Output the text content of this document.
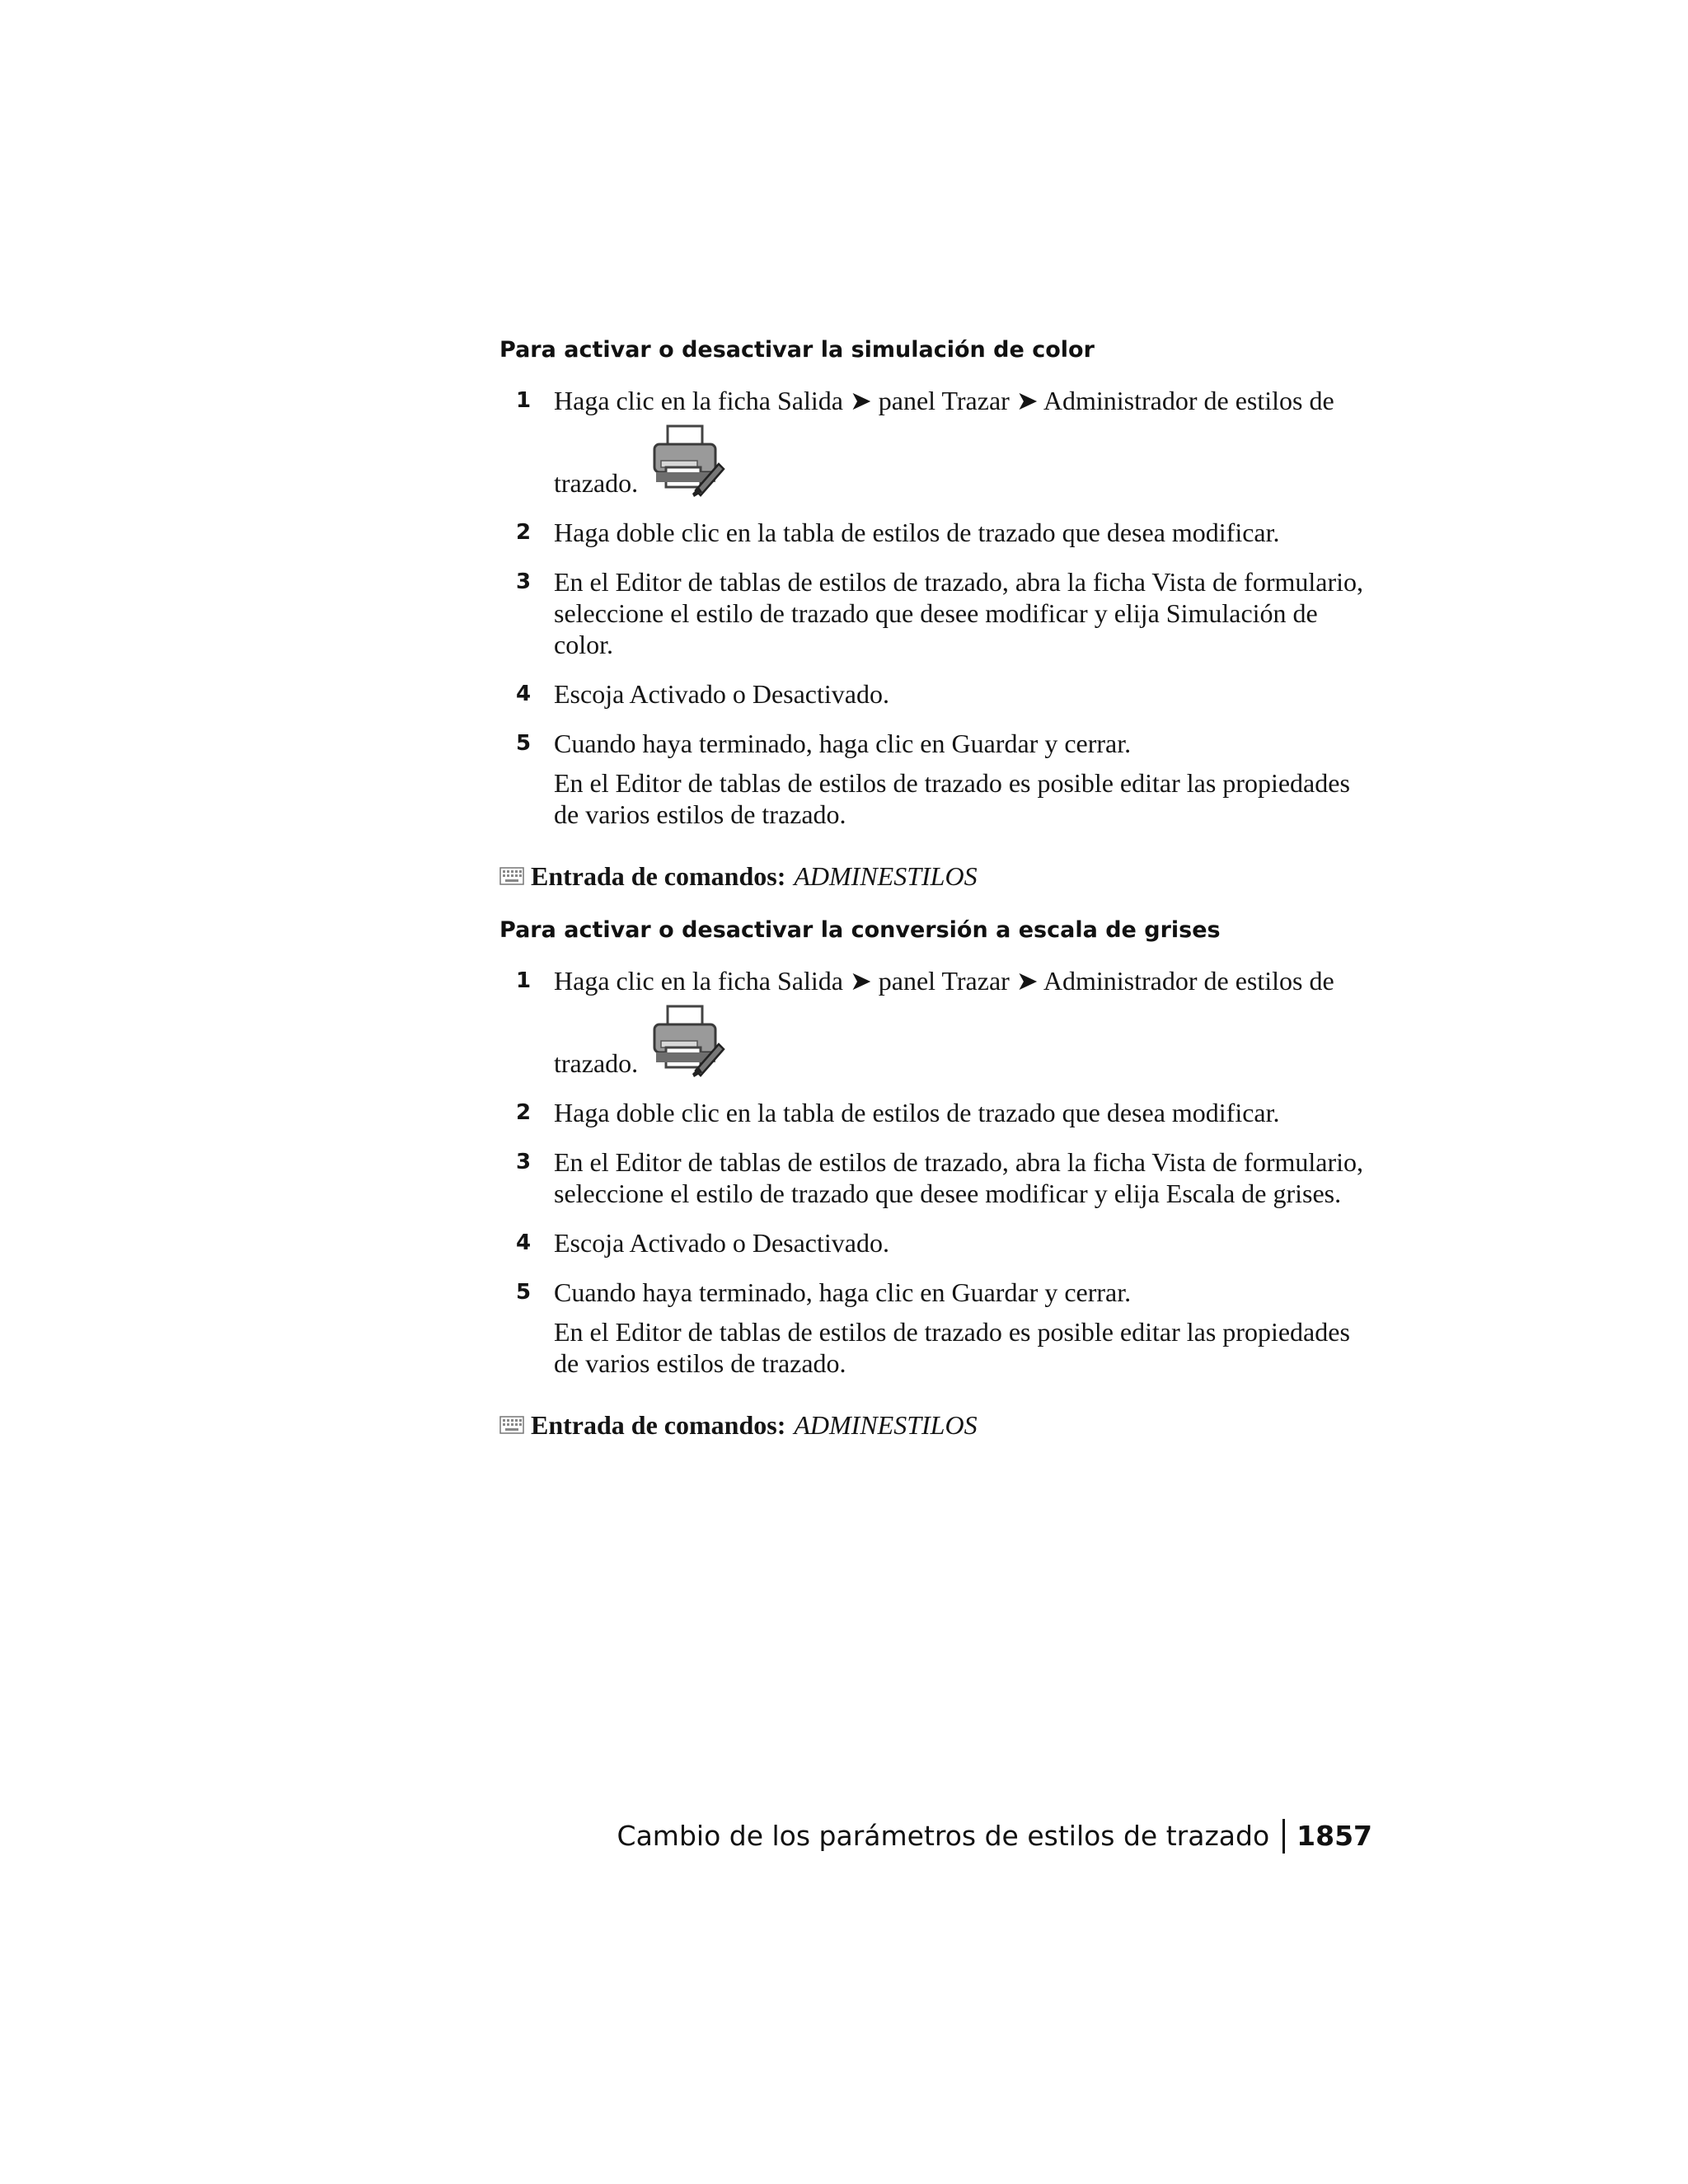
Para activar o desactivar la simulación de color
1 Haga clic en la ficha Salida ➤ panel Trazar ➤ Administrador de estilos de
trazado.
2 Haga doble clic en la tabla de estilos de trazado que desea modificar.
3 En el Editor de tablas de estilos de trazado, abra la ficha Vista de formulario, seleccione el estilo de trazado que desee modificar y elija Simulación de color.
4 Escoja Activado o Desactivado.
5 Cuando haya terminado, haga clic en Guardar y cerrar.
En el Editor de tablas de estilos de trazado es posible editar las propiedades de varios estilos de trazado.
Entrada de comandos: ADMINESTILOS
Para activar o desactivar la conversión a escala de grises
1 Haga clic en la ficha Salida ➤ panel Trazar ➤ Administrador de estilos de
trazado.
2 Haga doble clic en la tabla de estilos de trazado que desea modificar.
3 En el Editor de tablas de estilos de trazado, abra la ficha Vista de formulario, seleccione el estilo de trazado que desee modificar y elija Escala de grises.
4 Escoja Activado o Desactivado.
5 Cuando haya terminado, haga clic en Guardar y cerrar.
En el Editor de tablas de estilos de trazado es posible editar las propiedades de varios estilos de trazado.
Entrada de comandos: ADMINESTILOS
Cambio de los parámetros de estilos de trazado 1857
